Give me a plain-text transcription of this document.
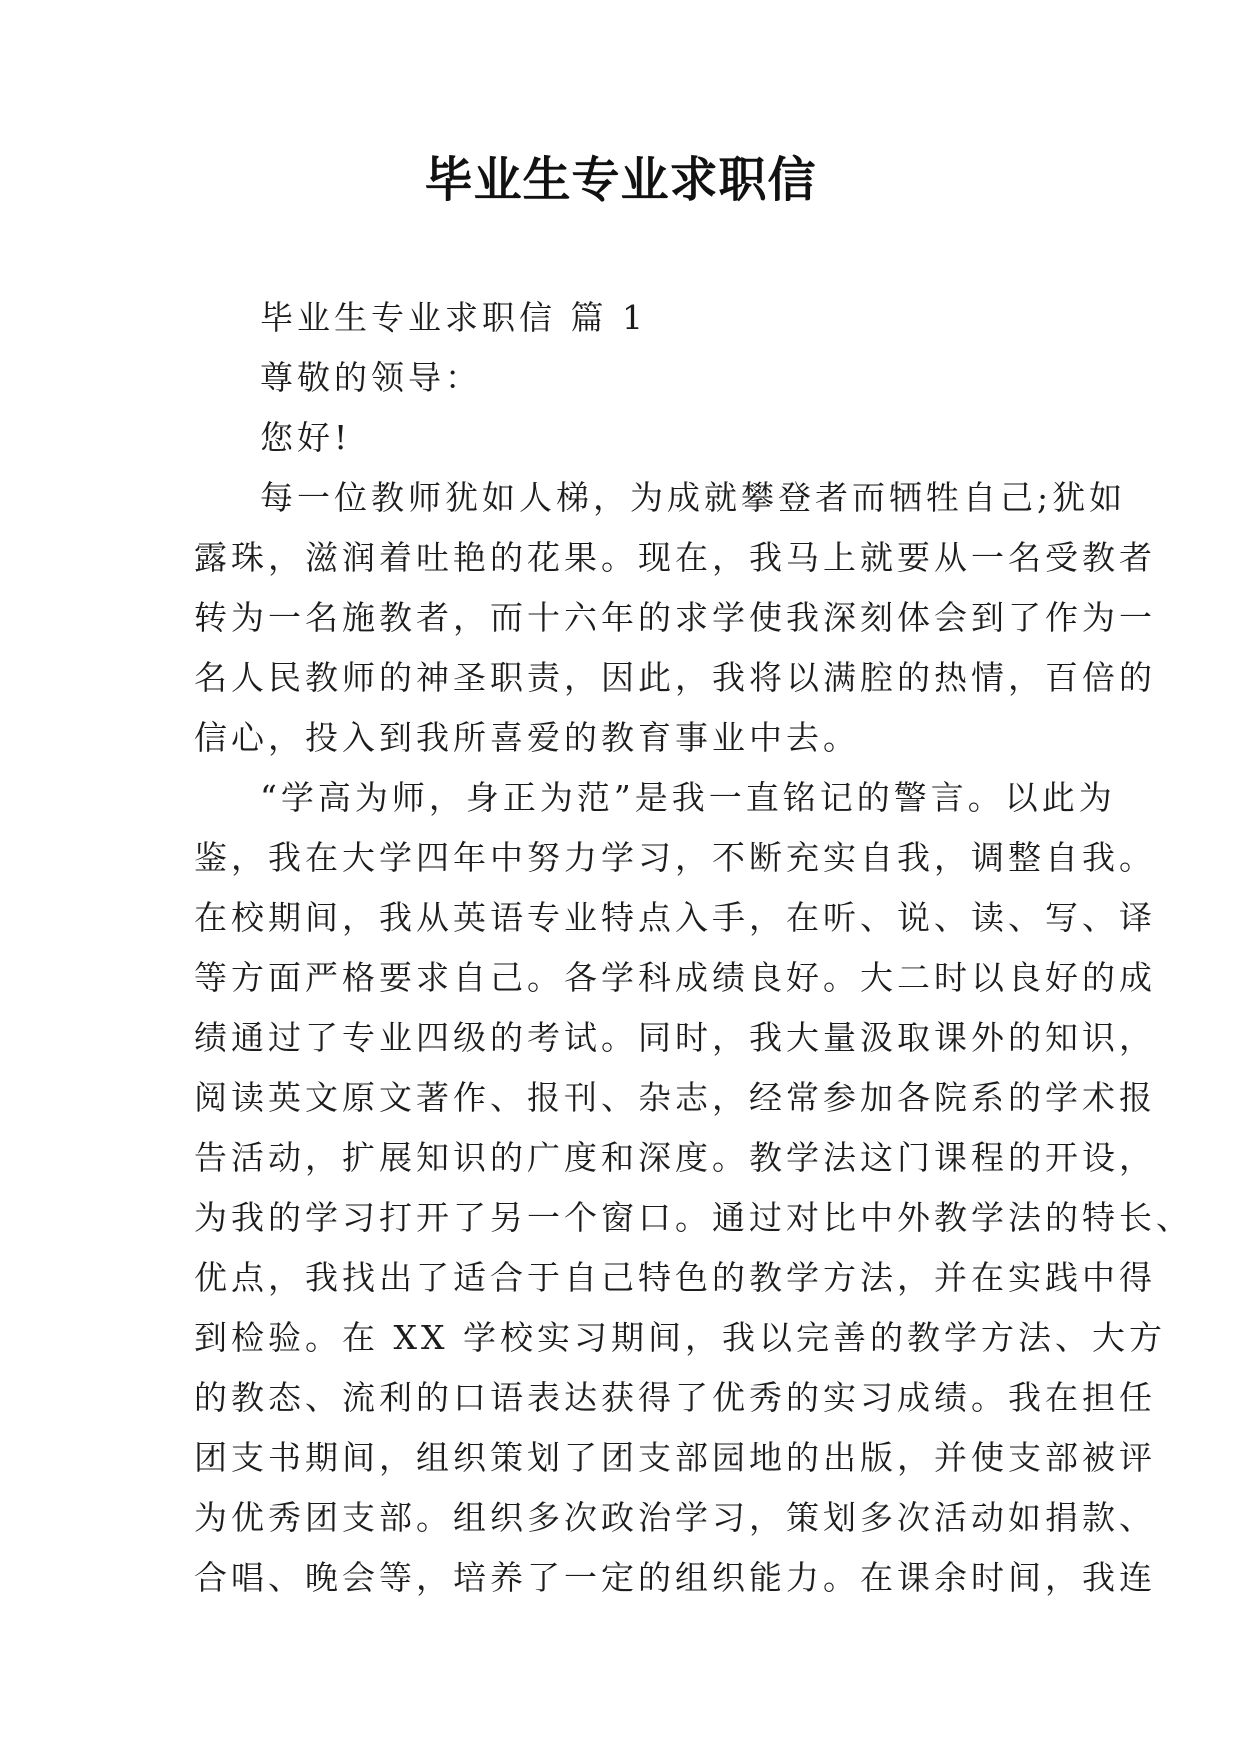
毕业生专业求职信
毕业生专业求职信 篇 1
尊敬的领导：
您好!
每一位教师犹如人梯，为成就攀登者而牺牲自己;犹如
露珠，滋润着吐艳的花果。现在，我马上就要从一名受教者
转为一名施教者，而十六年的求学使我深刻体会到了作为一
名人民教师的神圣职责，因此，我将以满腔的热情，百倍的
信心，投入到我所喜爱的教育事业中去。
“学高为师，身正为范”是我一直铭记的警言。以此为
鉴，我在大学四年中努力学习，不断充实自我，调整自我。
在校期间，我从英语专业特点入手，在听、说、读、写、译
等方面严格要求自己。各学科成绩良好。大二时以良好的成
绩通过了专业四级的考试。同时，我大量汲取课外的知识，
阅读英文原文著作、报刊、杂志，经常参加各院系的学术报
告活动，扩展知识的广度和深度。教学法这门课程的开设，
为我的学习打开了另一个窗口。通过对比中外教学法的特长、
优点，我找出了适合于自己特色的教学方法，并在实践中得
到检验。在 XX 学校实习期间，我以完善的教学方法、大方
的教态、流利的口语表达获得了优秀的实习成绩。我在担任
团支书期间，组织策划了团支部园地的出版，并使支部被评
为优秀团支部。组织多次政治学习，策划多次活动如捐款、
合唱、晚会等，培养了一定的组织能力。在课余时间，我连
